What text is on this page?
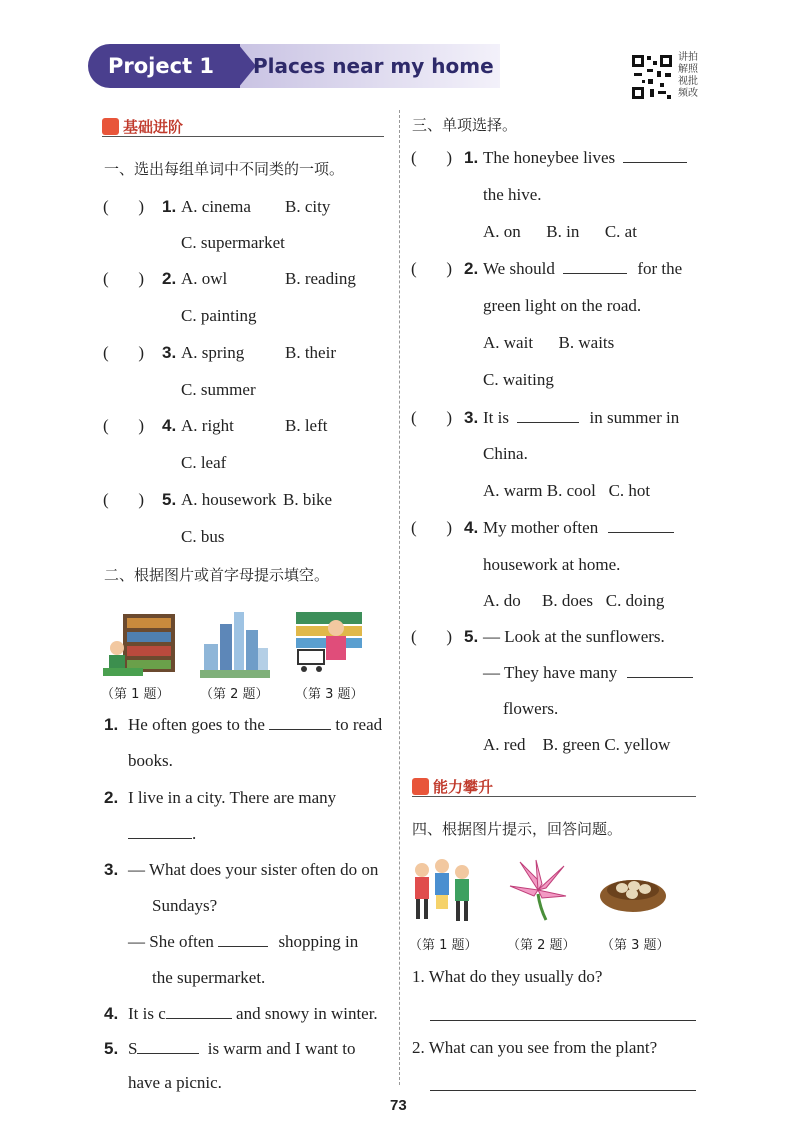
Project 1	Places near my home	讲拍解照视批频改
基础进阶
一、选出每组单词中不同类的一项。
(       ) 1. A. cinema B. city
C. supermarket
(       ) 2. A. owl	B. reading
C. painting
(       ) 3. A. spring B. their
C. summer
(       ) 4. A. right	B. left
C. leaf
(       ) 5. A. housework B. bike
C. bus
二、根据图片或首字母提示填空。
（第 1 题） （第 2 题） （第 3 题）
1. He often goes to the	to read
books.
2. I live in a city. There are many
.
3. — What does your sister often do on
Sundays?
— She often	shopping in
the supermarket.
4. It is c	and snowy in winter.
5. S	is warm and I want to
have a picnic.
三、单项选择。
(       ) 1. The honeybee lives
the hive.
A. on      B. in      C. at
(       ) 2. We should	for the
green light on the road.
A. wait      B. waits
C. waiting
(       ) 3. It is	in summer in
China.
A. warm B. cool   C. hot
(       ) 4. My mother often
housework at home.
A. do     B. does   C. doing
(       ) 5. — Look at the sunflowers.
— They have many
flowers.
A. red    B. green C. yellow
能力攀升
四、根据图片提示，回答问题。
（第 1 题） （第 2 题） （第 3 题）
1. What do they usually do?
2. What can you see from the plant?
73
